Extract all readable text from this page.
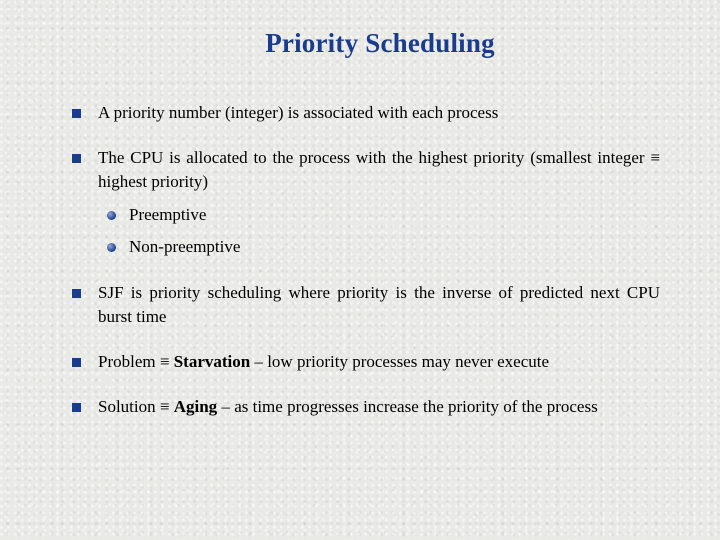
Priority Scheduling
A priority number (integer) is associated with each process
The CPU is allocated to the process with the highest priority (smallest integer ≡ highest priority)
Preemptive
Non-preemptive
SJF is priority scheduling where priority is the inverse of predicted next CPU burst time
Problem ≡ Starvation – low priority processes may never execute
Solution ≡ Aging – as time progresses increase the priority of the process
